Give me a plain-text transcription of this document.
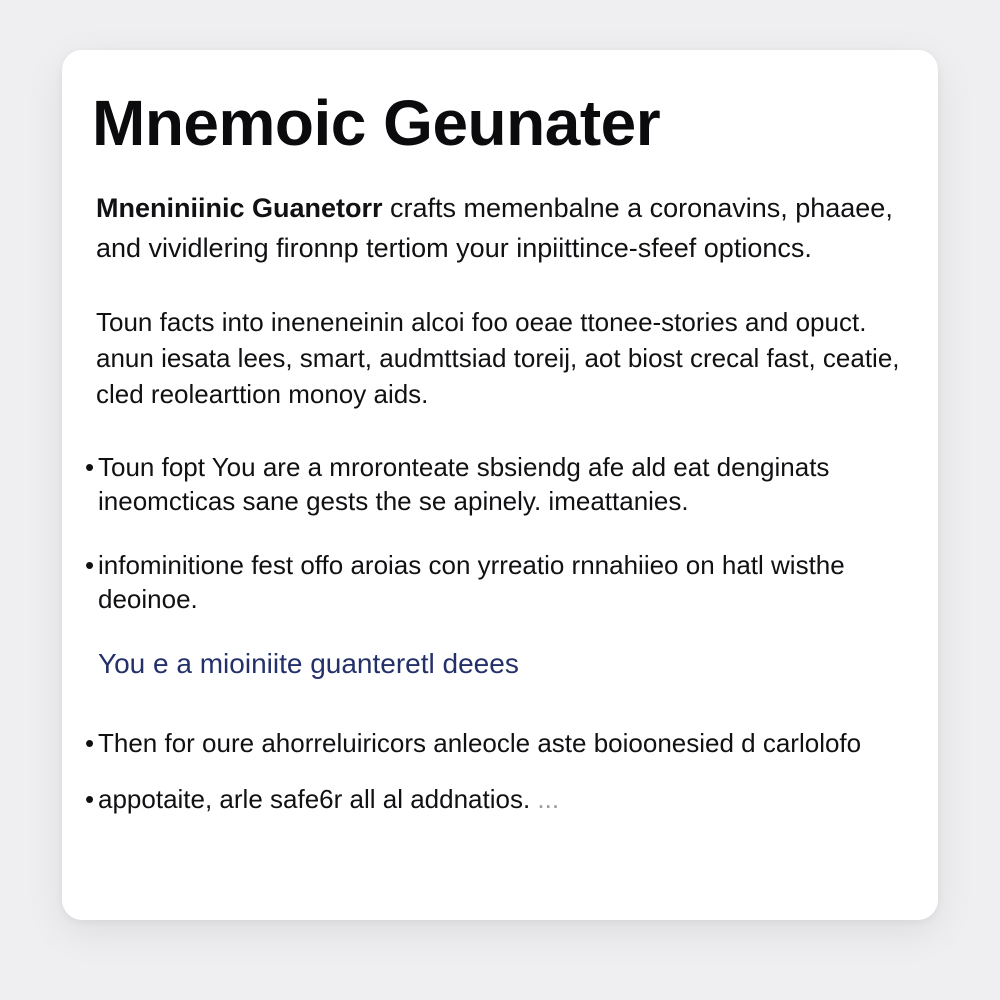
Mnemoic Geunater

Mneniniinic Guanetorr crafts memenbalne a coronavins, phaaee, and vividlering fironnp tertiom your inpiittince-sfeef optioncs.

Toun facts into ineneneinin alcoi foo oeae ttonee-stories and opuct. anun iesata lees, smart, audmttsiad toreij, aot biost crecal fast, ceatie, cled reolearttion monoy aids.

• Toun fopt You are a mroronteate sbsiendg afe ald eat denginats ineomcticas sane gests the se apinely. imeattanies.
• infominitione fest offo aroias con yrreatio rnnahiieo on hatl wisthe deoinoe.
You e a mioiniite guanteretl deees
• Then for oure ahorreluiricors anleocle aste boioonesied d carlolofo
• appotaite, arle safe6r all al addnatios. ...
